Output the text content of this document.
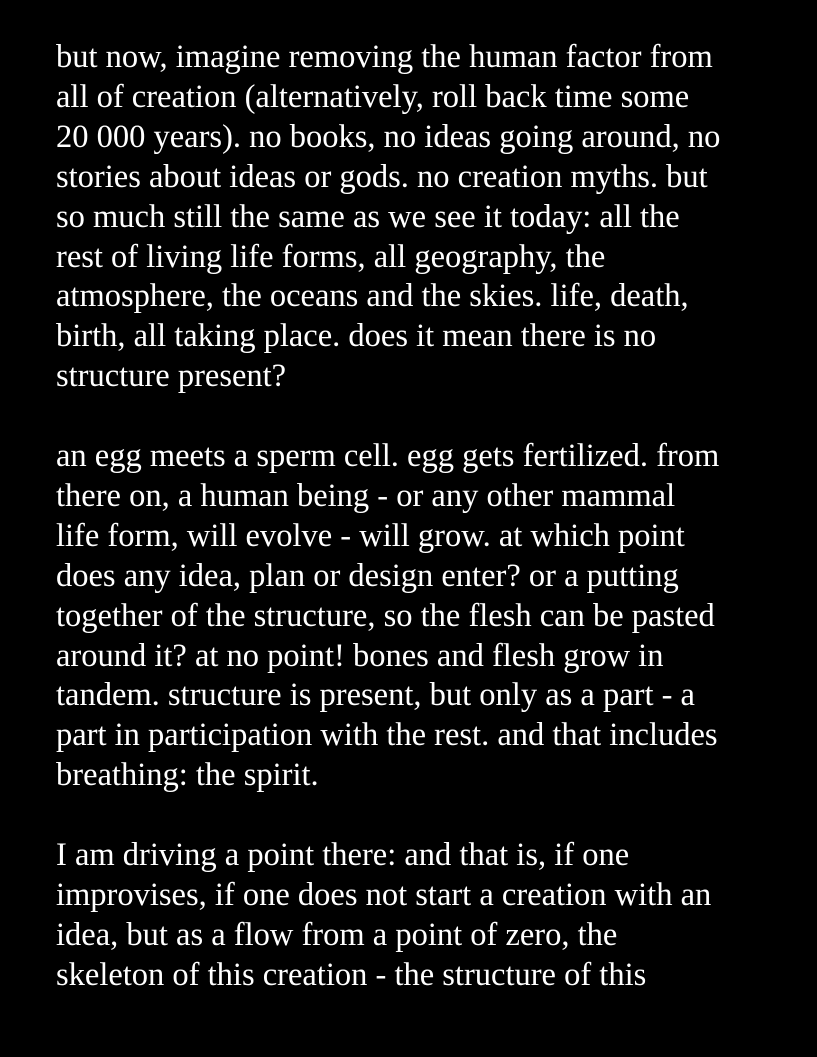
but now, imagine removing the human factor from
all of creation (alternatively, roll back time some
20 000 years). no books, no ideas going around, no
stories about ideas or gods. no creation myths. but
so much still the same as we see it today: all the
rest of living life forms, all geography, the
atmosphere, the oceans and the skies. life, death,
birth, all taking place. does it mean there is no
structure present?

an egg meets a sperm cell. egg gets fertilized. from
there on, a human being - or any other mammal
life form, will evolve - will grow. at which point
does any idea, plan or design enter? or a putting
together of the structure, so the flesh can be pasted
around it? at no point! bones and flesh grow in
tandem. structure is present, but only as a part - a
part in participation with the rest. and that includes
breathing: the spirit.

I am driving a point there: and that is, if one
improvises, if one does not start a creation with an
idea, but as a flow from a point of zero, the
skeleton of this creation - the structure of this
